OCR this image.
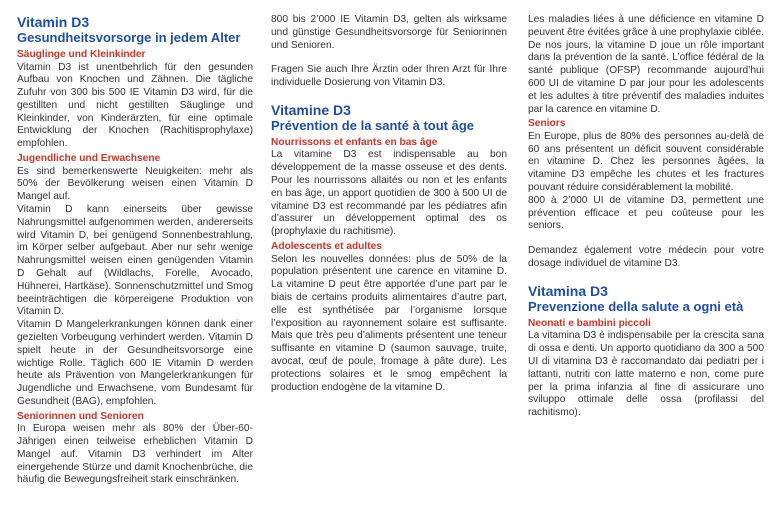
Vitamin D3
Gesundheitsvorsorge in jedem Alter
Säuglinge und Kleinkinder

Vitamin D3 ist unentbehrlich für den gesunden Aufbau von Knochen und Zähnen. Die tägliche Zufuhr von 300 bis 500 IE Vitamin D3 wird, für die gestillten und nicht gestillten Säuglinge und Kleinkinder, von Kinderärzten, für eine optimale Entwicklung der Knochen (Rachitisprophylaxe) empfohlen.

Jugendliche und Erwachsene

Es sind bemerkenswerte Neuigkeiten: mehr als 50% der Bevölkerung weisen einen Vitamin D Mangel auf.

Vitamin D kann einerseits über gewisse Nahrungsmittel aufgenommen werden, andererseits wird Vitamin D, bei genügend Sonnenbestrahlung, im Körper selber aufgebaut. Aber nur sehr wenige Nahrungsmittel weisen einen genügenden Vitamin D Gehalt auf (Wildlachs, Forelle, Avocado, Hühnerei, Hartkäse). Sonnenschutzmittel und Smog beeinträchtigen die körpereigene Produktion von Vitamin D.

Vitamin D Mangelerkrankungen können dank einer gezielten Vorbeugung verhindert werden. Vitamin D spielt heute in der Gesundheitsvorsorge eine wichtige Rolle. Täglich 600 IE Vitamin D werden heute als Prävention von Mangelerkrankungen für Jugendliche und Erwachsene, vom Bundesamt für Gesundheit (BAG), empfohlen.

Seniorinnen und Senioren

In Europa weisen mehr als 80% der Über-60-Jährigen einen teilweise erheblichen Vitamin D Mangel auf. Vitamin D3 verhindert im Alter einergehende Stürze und damit Knochenbrüche, die häufig die Bewegungsfreiheit stark einschränken.

800 bis 2’000 IE Vitamin D3, gelten als wirksame und günstige Gesundheitsvorsorge für Seniorinnen und Senioren.

Fragen Sie auch Ihre Ärztin oder Ihren Arzt für Ihre individuelle Dosierung von Vitamin D3.

Vitamine D3
Prévention de la santé à tout âge
Nourrissons et enfants en bas âge

La vitamine D3 est indispensable au bon développement de la masse osseuse et des dents. Pour les nourrissons allaités ou non et les enfants en bas âge, un apport quotidien de 300 à 500 UI de vitamine D3 est recommandé par les pédiatres afin d’assurer un développement optimal des os (prophylaxie du rachitisme).

Adolescents et adultes

Selon les nouvelles données: plus de 50% de la population présentent une carence en vitamine D. La vitamine D peut être apportée d’une part par le biais de certains produits alimentaires d’autre part, elle est synthétisée par l’organisme lorsque l’exposition au rayonnement solaire est suffisante. Mais que très peu d’aliments présentent une teneur suffisante en vitamine D (saumon sauvage, truite, avocat, œuf de poule, fromage à pâte dure). Les protections solaires et le smog empêchent la production endogène de la vitamine D.

Les maladies liées à une déficience en vitamine D peuvent être évitées grâce à une prophylaxie ciblée. De nos jours, la vitamine D joue un rôle important dans la prévention de la santé. L’office fédéral de la santé publique (OFSP) recommande aujourd’hui 600 UI de vitamine D par jour pour les adolescents et les adultes à titre préventif des maladies induites par la carence en vitamine D.

Seniors

En Europe, plus de 80% des personnes au-delà de 60 ans présentent un déficit souvent considérable en vitamine D. Chez les personnes âgées, la vitamine D3 empêche les chutes et les fractures pouvant réduire considérablement la mobilité.

800 à 2’000 UI de vitamine D3, permettent une prévention efficace et peu coûteuse pour les seniors.

Demandez également votre médecin pour votre dosage individuel de vitamine D3.

Vitamina D3
Prevenzione della salute a ogni età
Neonati e bambini piccoli

La vitamina D3 è indispensabile per la crescita sana di ossa e denti. Un apporto quotidiano da 300 a 500 UI di vitamina D3 è raccomandato dai pediatri per i lattanti, nutriti con latte materno e non, come pure per la prima infanzia al fine di assicurare uno sviluppo ottimale delle ossa (profilassi del rachitismo).
